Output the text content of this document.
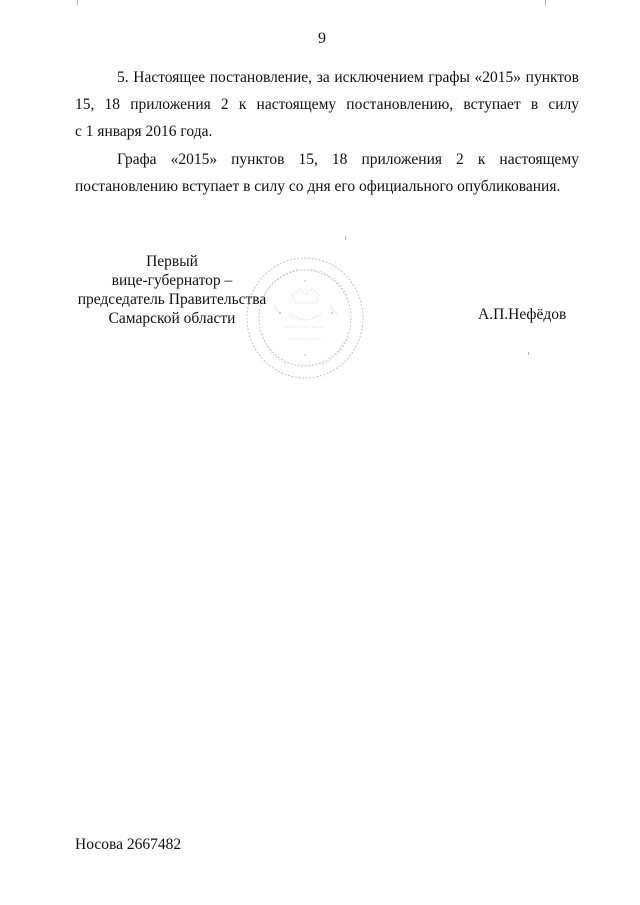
9
5. Настоящее постановление, за исключением графы «2015» пунктов
15, 18 приложения 2 к настоящему постановлению, вступает в силу
с 1 января 2016 года.
Графа «2015» пунктов 15, 18 приложения 2 к настоящему
постановлению вступает в силу со дня его официального опубликования.
Первый
вице-губернатор –
председатель Правительства
Самарской области	А.П.Нефёдов
Носова 2667482
